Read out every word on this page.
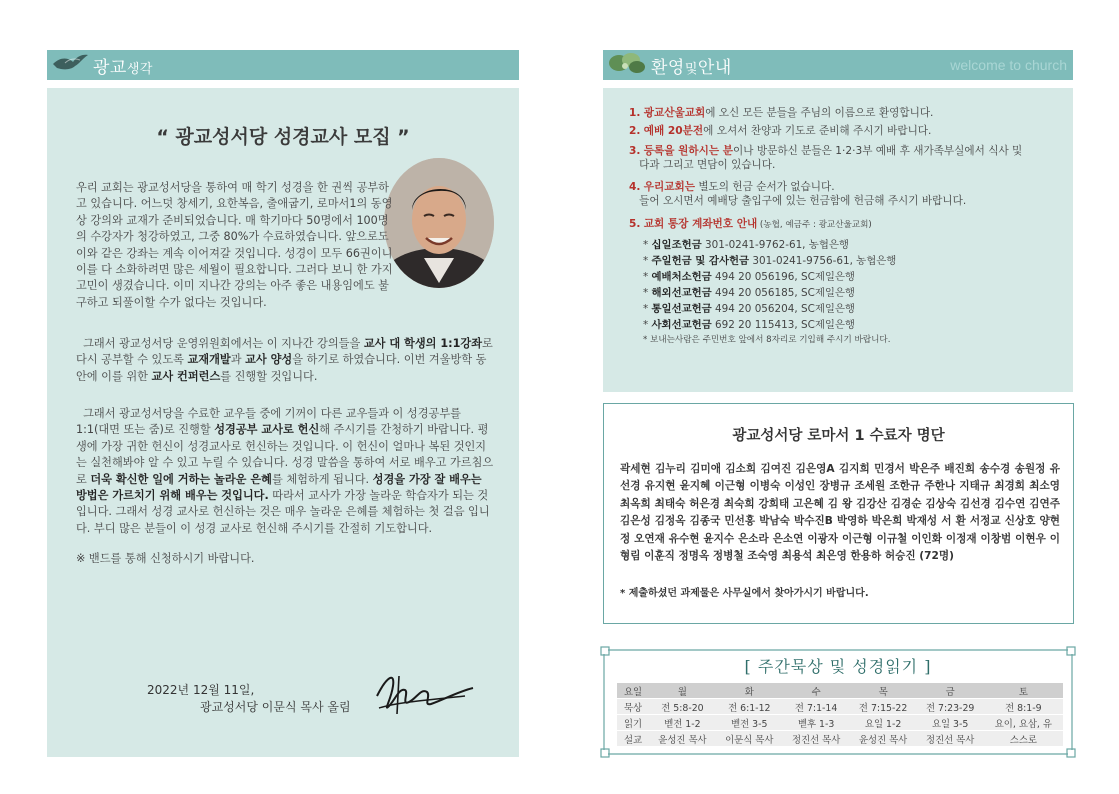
광교생각
“ 광교성서당 성경교사 모집 ”
우리 교회는 광교성서당을 통하여 매 학기 성경을 한 권씩 공부하고 있습니다. 어느덧 창세기, 요한복음, 출애굽기, 로마서1의 동영상 강의와 교재가 준비되었습니다. 매 학기마다 50명에서 100명의 수강자가 청강하였고, 그중 80%가 수료하였습니다. 앞으로도 이와 같은 강좌는 계속 이어져갈 것입니다. 성경이 모두 66권이니 이를 다 소화하려면 많은 세월이 필요합니다. 그러다 보니 한 가지 고민이 생겼습니다. 이미 지나간 강의는 아주 좋은 내용임에도 불구하고 되풀이할 수가 없다는 것입니다.
그래서 광교성서당 운영위원회에서는 이 지나간 강의들을 교사 대 학생의 1:1강좌로 다시 공부할 수 있도록 교재개발과 교사 양성을 하기로 하였습니다. 이번 겨울방학 동안에 이를 위한 교사 컨퍼런스를 진행할 것입니다.
그래서 광교성서당을 수료한 교우들 중에 기꺼이 다른 교우들과 이 성경공부를 1:1(대면 또는 줌)로 진행할 성경공부 교사로 헌신해 주시기를 간청하기 바랍니다. 평생에 가장 귀한 헌신이 성경교사로 헌신하는 것입니다. 이 헌신이 얼마나 복된 것인지는 실천해봐야 알 수 있고 누릴 수 있습니다. 성경 말씀을 통하여 서로 배우고 가르침으로 더욱 확신한 일에 거하는 놀라운 은혜를 체험하게 됩니다. 성경을 가장 잘 배우는 방법은 가르치기 위해 배우는 것입니다. 따라서 교사가 가장 놀라운 학습자가 되는 것입니다. 그래서 성경 교사로 헌신하는 것은 매우 놀라운 은혜를 체험하는 첫 걸음 입니다. 부디 많은 분들이 이 성경 교사로 헌신해 주시기를 간절히 기도합니다.
※ 밴드를 통해 신청하시기 바랍니다.
2022년 12월 11일,
광교성서당 이문식 목사 올림
환영및안내	welcome to church
1. 광교산울교회에 오신 모든 분들을 주님의 이름으로 환영합니다.
2. 예배 20분전에 오셔서 찬양과 기도로 준비해 주시기 바랍니다.
3. 등록을 원하시는 분이나 방문하신 분들은 1·2·3부 예배 후 새가족부실에서 식사 및
다과 그리고 면담이 있습니다.
4. 우리교회는 별도의 헌금 순서가 없습니다.
들어 오시면서 예배당 출입구에 있는 헌금함에 헌금해 주시기 바랍니다.
5. 교회 통장 계좌번호 안내 (농협, 예금주 : 광교산울교회)
* 십일조헌금 301-0241-9762-61, 농협은행
* 주일헌금 및 감사헌금 301-0241-9756-61, 농협은행
* 예배처소헌금 494 20 056196, SC제일은행
* 해외선교헌금 494 20 056185, SC제일은행
* 통일선교헌금 494 20 056204, SC제일은행
* 사회선교헌금 692 20 115413, SC제일은행
* 보내는사람은 주민번호 앞에서 8자리로 기입해 주시기 바랍니다.
광교성서당 로마서 1 수료자 명단
곽세현 김누리 김미애 김소희 김여진 김은영A 김지희 민경서 박은주 배진희 송수경 송원정 유선경 유지현 윤지혜 이근형 이병숙 이성인 장병규 조세원 조한규 주한나 지태규 최경희 최소영 최옥희 최태숙 허은경 최숙희 강희태 고은혜 김 왕 김강산 김경순 김상숙 김선경 김수연 김연주 김은성 김정옥 김종국 민선홍 박남숙 박수진B 박영하 박은희 박재성 서 환 서정교 신상호 양현정 오연재 유수현 윤지수 은소라 은소연 이광자 이근형 이규철 이인화 이정재 이창범 이현우 이형림 이훈직 정명옥 정병철 조숙영 최용석 최은영 한용하 허승진 (72명)
* 제출하셨던 과제물은 사무실에서 찾아가시기 바랍니다.
[ 주간묵상 및 성경읽기 ]
요일	월	화	수	목	금	토
묵상	전 5:8-20	전 6:1-12	전 7:1-14	전 7:15-22	전 7:23-29	전 8:1-9
읽기	벧전 1-2	벧전 3-5	벧후 1-3	요일 1-2	요일 3-5	요이, 요삼, 유
설교	윤성진 목사	이문식 목사	정진선 목사	윤성진 목사	정진선 목사	스스로
